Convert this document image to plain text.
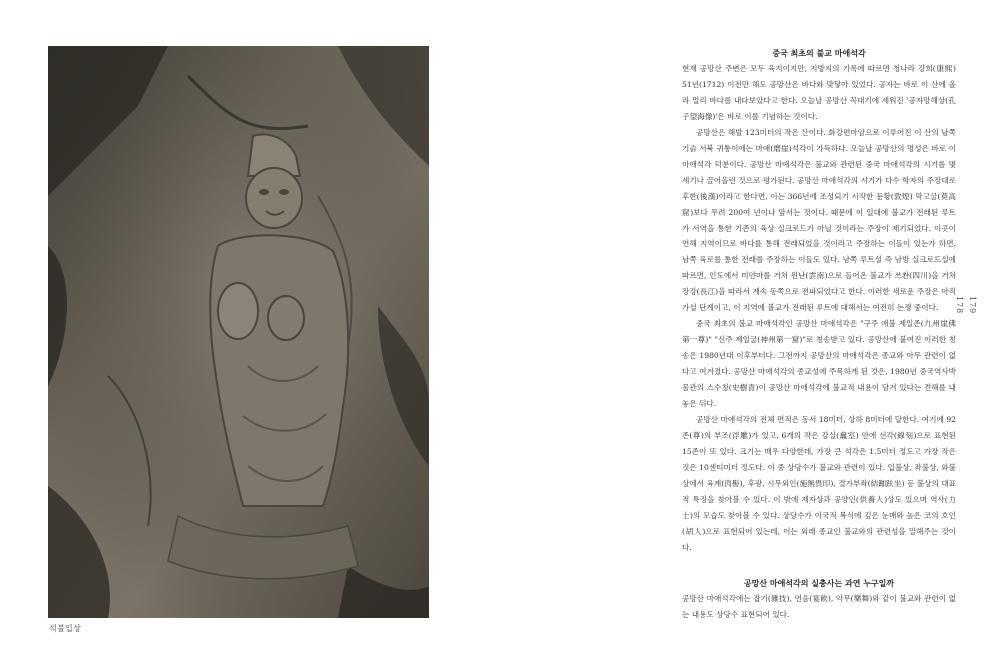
석불입상
178 179
중국 최초의 불교 마애석각

현재 공망산 주변은 모두 육지이지만, 지방지의 기록에 따르면 청나라 강희(康熙) 51년(1712) 이전만 해도 공망산은 바다와 맞닿아 있었다. 공자는 바로 이 산에 올라 멀리 바다를 내다보았다고 한다. 오늘날 공망산 꼭대기에 세워진 '공자망해상(孔子望海像)'은 바로 이를 기념하는 것이다.

공망산은 해발 123미터의 작은 산이다. 화강편마암으로 이루어진 이 산의 남쪽 기슭 서북 귀퉁이에는 마애(磨崖)석각이 가득하다. 오늘날 공망산의 명성은 바로 이 마애석각 덕분이다. 공망산 마애석각은 불교와 관련된 중국 마애석각의 시기를 몇 세기나 끌어올린 것으로 평가된다. 공망산 마애석각의 시기가 다수 학자의 주장대로 후한(後漢)이라고 한다면, 이는 366년에 조성되기 시작한 둔황(敦煌) 막고굴(莫高窟)보다 무려 200여 년이나 앞서는 것이다. 때문에 이 일대에 불교가 전래된 루트가 서역을 통한 기존의 육상 실크로드가 아닐 것이라는 주장이 제기되었다. 이곳이 연해 지역이므로 바다를 통해 전래되었을 것이라고 주장하는 이들이 있는가 하면, 남쪽 육로를 통한 전래를 주장하는 이들도 있다. 남쪽 루트설 즉 남방 실크로드설에 따르면, 인도에서 미얀마를 거쳐 윈난(雲南)으로 들어온 불교가 쓰촨(四川)을 거쳐 장강(長江)을 따라서 계속 동쪽으로 전파되었다고 한다. 이러한 새로운 주장은 아직 가설 단계이고, 이 지역에 불교가 전래된 루트에 대해서는 여전히 논쟁 중이다.

중국 최초의 불교 마애석각인 공망산 마애석각은 "구주 애불 제일존(九州崖佛第一尊)" "신주 제일굴(神州第一窟)"로 칭송받고 있다. 공망산에 붙여진 이러한 칭송은 1980년대 이후부터다. 그전까지 공망산의 마애석각은 종교와 아무 관련이 없다고 여겨졌다. 공망산 마애석각의 종교성에 주목하게 된 것은, 1980년 중국역사박물관의 스수칭(史樹青)이 공망산 마애석각에 불교적 내용이 담겨 있다는 견해를 내놓은 뒤다.

공망산 마애석각의 전체 면적은 동서 18미터, 상하 8미터에 달한다. 여기에 92존(尊)의 부조(浮雕)가 있고, 6개의 작은 감실(龕室) 안에 선각(線刻)으로 표현된 15존이 또 있다. 크기는 매우 다양한데, 가장 큰 석각은 1.5미터 정도고 가장 작은 것은 10센티미터 정도다. 이 중 상당수가 불교와 관련이 있다. 입불상, 좌불상, 와불상에서 육계(肉髻), 후광, 시무외인(施無畏印), 결가부좌(結跏趺坐) 등 불상의 대표적 특징을 찾아볼 수 있다. 이 밖에 제자상과 공양인(供養人)상도 있으며 역사(力士)의 모습도 찾아볼 수 있다. 상당수가 이국적 복식에 깊은 눈매와 높은 코의 호인(胡人)으로 표현되어 있는데, 이는 외래 종교인 불교와의 관련성을 말해주는 것이다.

공망산 마애석각의 실충사는 과연 누구일까

공망산 마애석각에는 잡기(雜技), 연음(宴飮), 악무(樂舞)와 같이 불교와 관련이 없는 내용도 상당수 표현되어 있다.
